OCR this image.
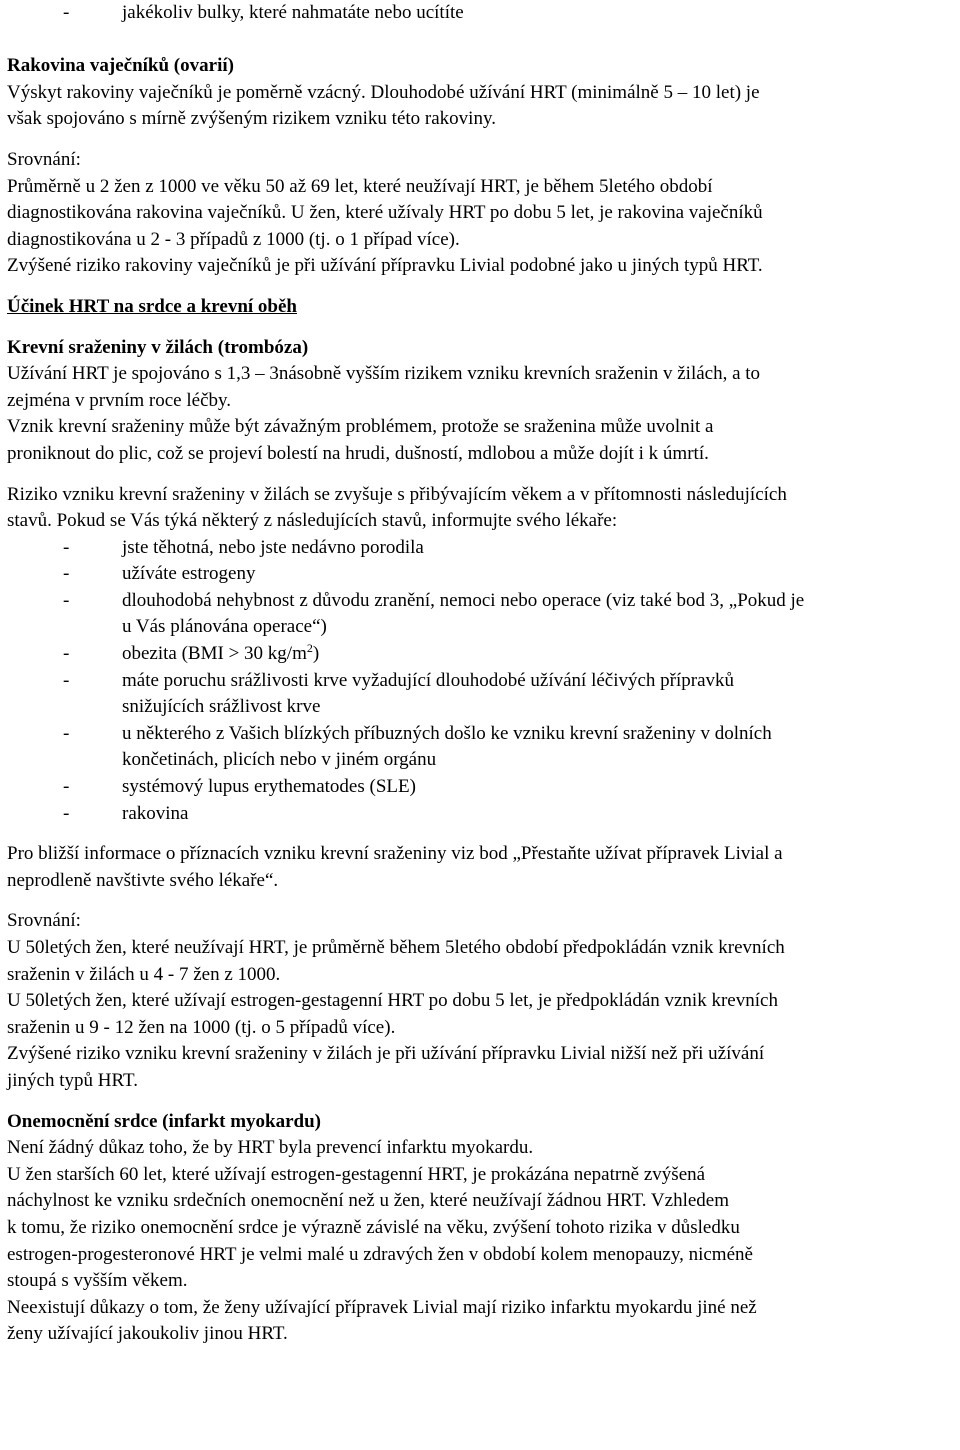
-	jakékoliv bulky, které nahmatáte nebo ucítíte
Rakovina vaječníků (ovarií)
Výskyt rakoviny vaječníků je poměrně vzácný. Dlouhodobé užívání HRT (minimálně 5 – 10 let) je
však spojováno s mírně zvýšeným rizikem vzniku této rakoviny.
Srovnání:
Průměrně u 2 žen z 1000 ve věku 50 až 69 let, které neužívají HRT, je během 5letého období
diagnostikována rakovina vaječníků. U žen, které užívaly HRT po dobu 5 let, je rakovina vaječníků
diagnostikována u 2 - 3 případů z 1000 (tj. o 1 případ více).
Zvýšené riziko rakoviny vaječníků je při užívání přípravku Livial podobné jako u jiných typů HRT.
Účinek HRT na srdce a krevní oběh
Krevní sraženiny v žilách (trombóza)
Užívání HRT je spojováno s 1,3 – 3násobně vyšším rizikem vzniku krevních sraženin v žilách, a to
zejména v prvním roce léčby.
Vznik krevní sraženiny může být závažným problémem, protože se sraženina může uvolnit a
proniknout do plic, což se projeví bolestí na hrudi, dušností, mdlobou a může dojít i k úmrtí.
Riziko vzniku krevní sraženiny v žilách se zvyšuje s přibývajícím věkem a v přítomnosti následujících
stavů. Pokud se Vás týká některý z následujících stavů, informujte svého lékaře:
-	jste těhotná, nebo jste nedávno porodila
-	užíváte estrogeny
-	dlouhodobá nehybnost z důvodu zranění, nemoci nebo operace (viz také bod 3, „Pokud je
u Vás plánována operace“)
-	obezita (BMI > 30 $kg/m^2$)
-	máte poruchu srážlivosti krve vyžadující dlouhodobé užívání léčivých přípravků
snižujících srážlivost krve
-	u některého z Vašich blízkých příbuzných došlo ke vzniku krevní sraženiny v dolních
končetinách, plicích nebo v jiném orgánu
-	systémový lupus erythematodes (SLE)
-	rakovina
Pro bližší informace o příznacích vzniku krevní sraženiny viz bod „Přestaňte užívat přípravek Livial a
neprodleně navštivte svého lékaře“.
Srovnání:
U 50letých žen, které neužívají HRT, je průměrně během 5letého období předpokládán vznik krevních
sraženin v žilách u 4 - 7 žen z 1000.
U 50letých žen, které užívají estrogen-gestagenní HRT po dobu 5 let, je předpokládán vznik krevních
sraženin u 9 - 12 žen na 1000 (tj. o 5 případů více).
Zvýšené riziko vzniku krevní sraženiny v žilách je při užívání přípravku Livial nižší než při užívání
jiných typů HRT.
Onemocnění srdce (infarkt myokardu)
Není žádný důkaz toho, že by HRT byla prevencí infarktu myokardu.
U žen starších 60 let, které užívají estrogen-gestagenní HRT, je prokázána nepatrně zvýšená
náchylnost ke vzniku srdečních onemocnění než u žen, které neužívají žádnou HRT. Vzhledem
k tomu, že riziko onemocnění srdce je výrazně závislé na věku, zvýšení tohoto rizika v důsledku
estrogen-progesteronové HRT je velmi malé u zdravých žen v období kolem menopauzy, nicméně
stoupá s vyšším věkem.
Neexistují důkazy o tom, že ženy užívající přípravek Livial mají riziko infarktu myokardu jiné než
ženy užívající jakoukoliv jinou HRT.
